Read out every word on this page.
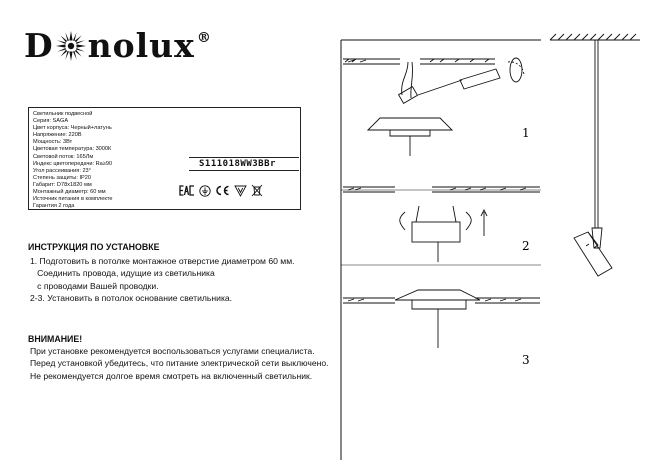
D nolux®
Светильник подвесной
Серия: SAGA
Цвет корпуса: Черный+латунь
Напряжение: 220В
Мощность: 3Вт
Цветовая температура: 3000К
Световой поток: 165Лм
Индекс цветопередачи: Ra≥90
Угол рассеивания: 23°
Степень защиты: IP20
Габарит: D78x1820 мм
Монтажный диаметр: 60 мм
Источник питания в комплекте
Гарантия 2 года
S111018WW3BBr
ИНСТРУКЦИЯ ПО УСТАНОВКЕ
1. Подготовить в потолке монтажное отверстие диаметром 60 мм.
Соединить провода, идущие из светильника
с проводами Вашей проводки.
2-3. Установить в потолок основание светильника.
ВНИМАНИЕ!
При установке рекомендуется воспользоваться услугами специалиста.
Перед установкой убедитесь, что питание электрической сети выключено.
Не рекомендуется долгое время смотреть на включенный светильник.
1
2
3
